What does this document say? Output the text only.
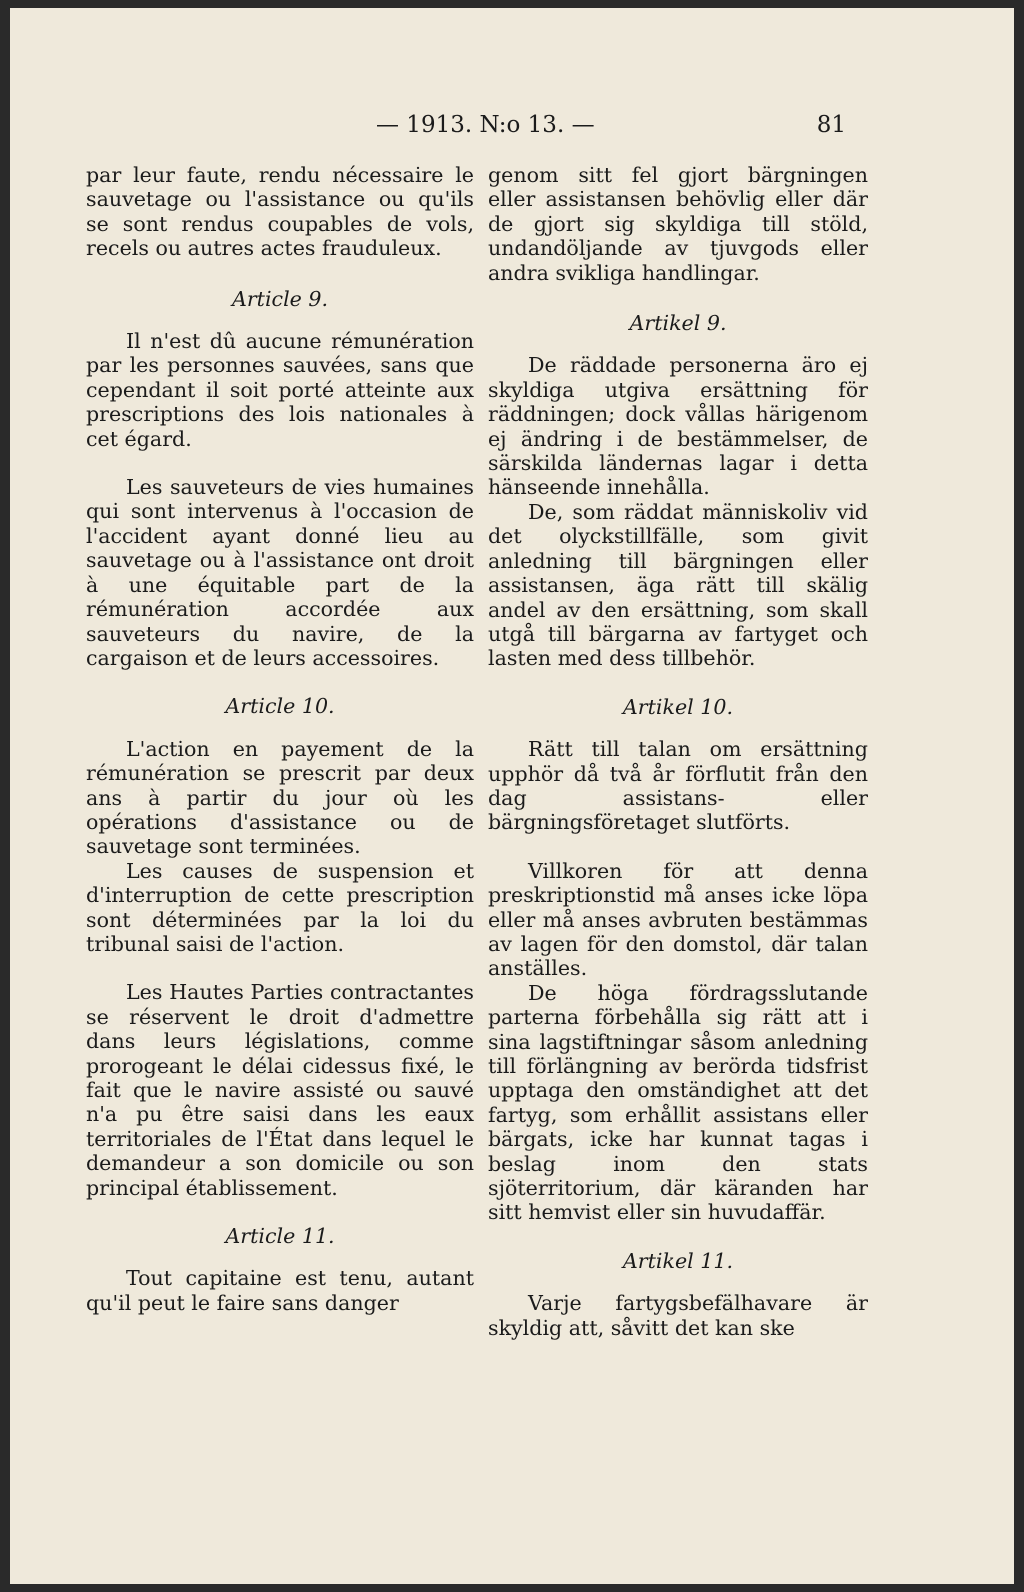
— 1913. N:o 13. —	81

par leur faute, rendu nécessaire le sauvetage ou l'assistance ou qu'ils se sont rendus coupables de vols, recels ou autres actes frauduleux.

Article 9.

Il n'est dû aucune rémunération par les personnes sauvées, sans que cependant il soit porté atteinte aux prescriptions des lois nationales à cet égard.

Les sauveteurs de vies humaines qui sont intervenus à l'occasion de l'accident ayant donné lieu au sauvetage ou à l'assistance ont droit à une équitable part de la rémunération accordée aux sauveteurs du navire, de la cargaison et de leurs accessoires.

Article 10.

L'action en payement de la rémunération se prescrit par deux ans à partir du jour où les opérations d'assistance ou de sauvetage sont terminées.

Les causes de suspension et d'interruption de cette prescription sont déterminées par la loi du tribunal saisi de l'action.

Les Hautes Parties contractantes se réservent le droit d'admettre dans leurs législations, comme prorogeant le délai cidessus fixé, le fait que le navire assisté ou sauvé n'a pu être saisi dans les eaux territoriales de l'État dans lequel le demandeur a son domicile ou son principal établissement.

Article 11.

Tout capitaine est tenu, autant qu'il peut le faire sans danger

genom sitt fel gjort bärgningen eller assistansen behövlig eller där de gjort sig skyldiga till stöld, undandöljande av tjuvgods eller andra svikliga handlingar.

Artikel 9.

De räddade personerna äro ej skyldiga utgiva ersättning för räddningen; dock vållas härigenom ej ändring i de bestämmelser, de särskilda ländernas lagar i detta hänseende innehålla.

De, som räddat människoliv vid det olyckstillfälle, som givit anledning till bärgningen eller assistansen, äga rätt till skälig andel av den ersättning, som skall utgå till bärgarna av fartyget och lasten med dess tillbehör.

Artikel 10.

Rätt till talan om ersättning upphör då två år förflutit från den dag assistans- eller bärgningsföretaget slutförts.

Villkoren för att denna preskriptionstid må anses icke löpa eller må anses avbruten bestämmas av lagen för den domstol, där talan anställes.

De höga fördragsslutande parterna förbehålla sig rätt att i sina lagstiftningar såsom anledning till förlängning av berörda tidsfrist upptaga den omständighet att det fartyg, som erhållit assistans eller bärgats, icke har kunnat tagas i beslag inom den stats sjöterritorium, där käranden har sitt hemvist eller sin huvudaffär.

Artikel 11.

Varje fartygsbefälhavare är skyldig att, såvitt det kan ske
